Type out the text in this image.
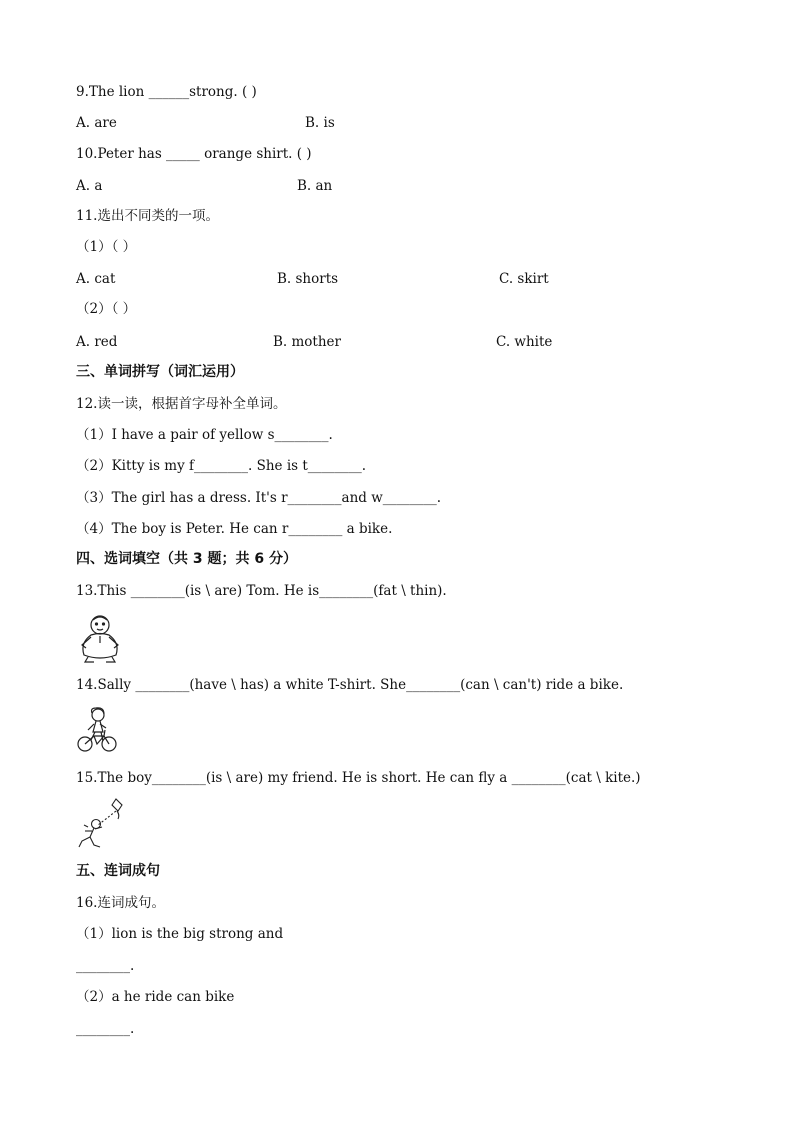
9.The lion ______strong. ( )
A. are	B. is
10.Peter has _____ orange shirt. ( )
A. a	B. an
11.选出不同类的一项。
（1）（ ）
A. cat	B. shorts	C. skirt
（2）（ ）
A. red	B. mother	C. white
三、单词拼写（词汇运用）
12.读一读，根据首字母补全单词。
（1）I have a pair of yellow s________.
（2）Kitty is my f________. She is t________.
（3）The girl has a dress. It's r________and w________.
（4）The boy is Peter. He can r________ a bike.
四、选词填空（共 3 题；共 6 分）
13.This ________(is \ are) Tom. He is________(fat \ thin).
14.Sally ________(have \ has) a white T-shirt. She________(can \ can't) ride a bike.
15.The boy________(is \ are) my friend. He is short. He can fly a ________(cat \ kite.)
五、连词成句
16.连词成句。
（1）lion is the big strong and
________.
（2）a he ride can bike
________.
